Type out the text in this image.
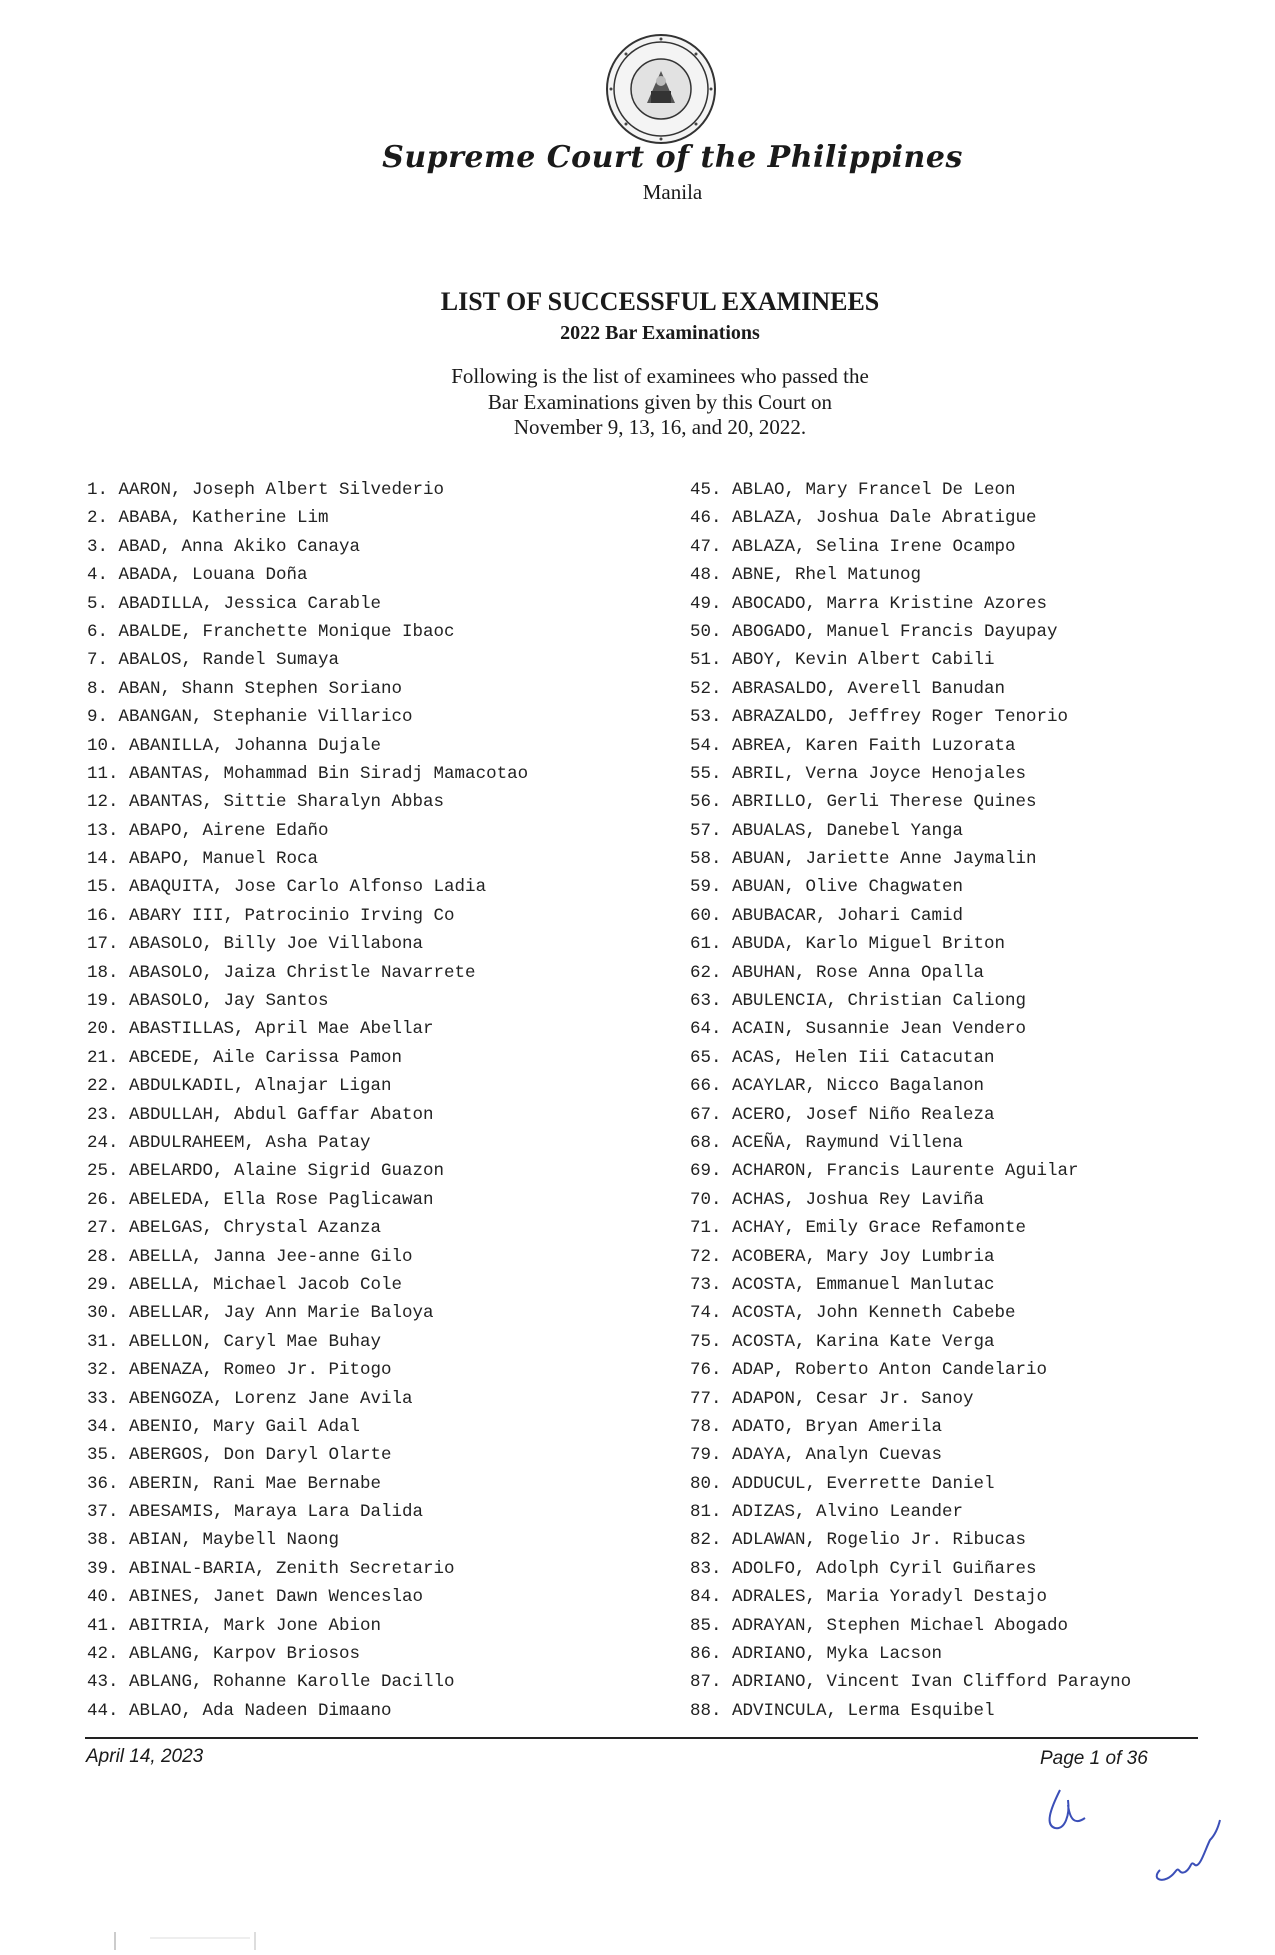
Supreme Court of the Philippines
Manila
LIST OF SUCCESSFUL EXAMINEES
2022 Bar Examinations
Following is the list of examinees who passed the
Bar Examinations given by this Court on
November 9, 13, 16, and 20, 2022.
1. AARON, Joseph Albert Silvederio
2. ABABA, Katherine Lim
3. ABAD, Anna Akiko Canaya
4. ABADA, Louana Doña
5. ABADILLA, Jessica Carable
6. ABALDE, Franchette Monique Ibaoc
7. ABALOS, Randel Sumaya
8. ABAN, Shann Stephen Soriano
9. ABANGAN, Stephanie Villarico
10. ABANILLA, Johanna Dujale
11. ABANTAS, Mohammad Bin Siradj Mamacotao
12. ABANTAS, Sittie Sharalyn Abbas
13. ABAPO, Airene Edaño
14. ABAPO, Manuel Roca
15. ABAQUITA, Jose Carlo Alfonso Ladia
16. ABARY III, Patrocinio Irving Co
17. ABASOLO, Billy Joe Villabona
18. ABASOLO, Jaiza Christle Navarrete
19. ABASOLO, Jay Santos
20. ABASTILLAS, April Mae Abellar
21. ABCEDE, Aile Carissa Pamon
22. ABDULKADIL, Alnajar Ligan
23. ABDULLAH, Abdul Gaffar Abaton
24. ABDULRAHEEM, Asha Patay
25. ABELARDO, Alaine Sigrid Guazon
26. ABELEDA, Ella Rose Paglicawan
27. ABELGAS, Chrystal Azanza
28. ABELLA, Janna Jee-anne Gilo
29. ABELLA, Michael Jacob Cole
30. ABELLAR, Jay Ann Marie Baloya
31. ABELLON, Caryl Mae Buhay
32. ABENAZA, Romeo Jr. Pitogo
33. ABENGOZA, Lorenz Jane Avila
34. ABENIO, Mary Gail Adal
35. ABERGOS, Don Daryl Olarte
36. ABERIN, Rani Mae Bernabe
37. ABESAMIS, Maraya Lara Dalida
38. ABIAN, Maybell Naong
39. ABINAL-BARIA, Zenith Secretario
40. ABINES, Janet Dawn Wenceslao
41. ABITRIA, Mark Jone Abion
42. ABLANG, Karpov Briosos
43. ABLANG, Rohanne Karolle Dacillo
44. ABLAO, Ada Nadeen Dimaano
45. ABLAO, Mary Francel De Leon
46. ABLAZA, Joshua Dale Abratigue
47. ABLAZA, Selina Irene Ocampo
48. ABNE, Rhel Matunog
49. ABOCADO, Marra Kristine Azores
50. ABOGADO, Manuel Francis Dayupay
51. ABOY, Kevin Albert Cabili
52. ABRASALDO, Averell Banudan
53. ABRAZALDO, Jeffrey Roger Tenorio
54. ABREA, Karen Faith Luzorata
55. ABRIL, Verna Joyce Henojales
56. ABRILLO, Gerli Therese Quines
57. ABUALAS, Danebel Yanga
58. ABUAN, Jariette Anne Jaymalin
59. ABUAN, Olive Chagwaten
60. ABUBACAR, Johari Camid
61. ABUDA, Karlo Miguel Briton
62. ABUHAN, Rose Anna Opalla
63. ABULENCIA, Christian Caliong
64. ACAIN, Susannie Jean Vendero
65. ACAS, Helen Iii Catacutan
66. ACAYLAR, Nicco Bagalanon
67. ACERO, Josef Niño Realeza
68. ACEÑA, Raymund Villena
69. ACHARON, Francis Laurente Aguilar
70. ACHAS, Joshua Rey Laviña
71. ACHAY, Emily Grace Refamonte
72. ACOBERA, Mary Joy Lumbria
73. ACOSTA, Emmanuel Manlutac
74. ACOSTA, John Kenneth Cabebe
75. ACOSTA, Karina Kate Verga
76. ADAP, Roberto Anton Candelario
77. ADAPON, Cesar Jr. Sanoy
78. ADATO, Bryan Amerila
79. ADAYA, Analyn Cuevas
80. ADDUCUL, Everrette Daniel
81. ADIZAS, Alvino Leander
82. ADLAWAN, Rogelio Jr. Ribucas
83. ADOLFO, Adolph Cyril Guiñares
84. ADRALES, Maria Yoradyl Destajo
85. ADRAYAN, Stephen Michael Abogado
86. ADRIANO, Myka Lacson
87. ADRIANO, Vincent Ivan Clifford Parayno
88. ADVINCULA, Lerma Esquibel
April 14, 2023	Page 1 of 36
